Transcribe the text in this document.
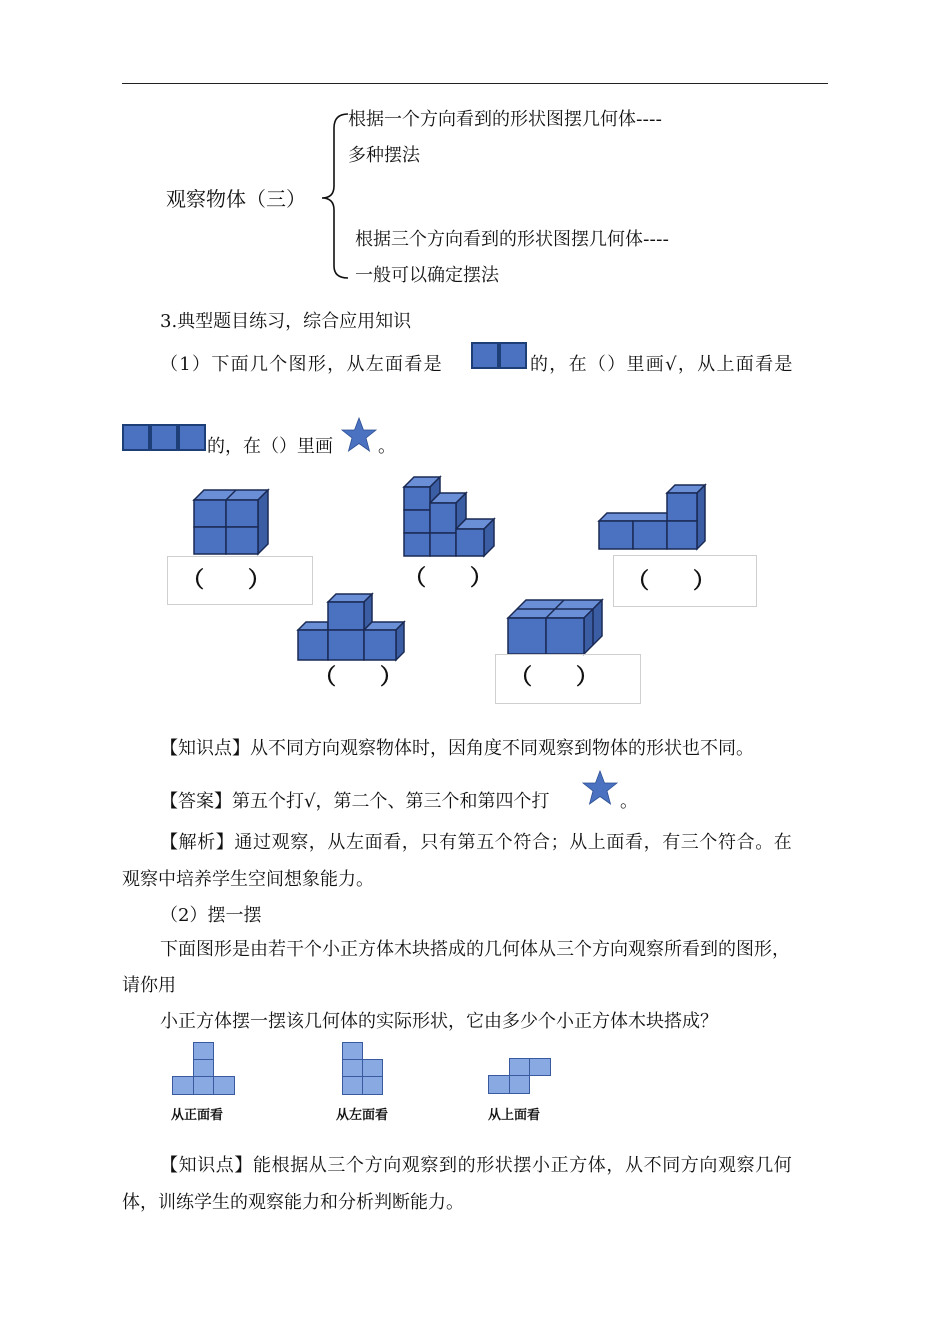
观察物体（三）
根据一个方向看到的形状图摆几何体----
多种摆法
根据三个方向看到的形状图摆几何体----
一般可以确定摆法
3.典型题目练习，综合应用知识
（1）下面几个图形，从左面看是	的，在（）里画√，从上面看是
的，在（）里画	。
（　　）	（　　）	（　　）
（　　）	（　　）
【知识点】从不同方向观察物体时，因角度不同观察到物体的形状也不同。
【答案】第五个打√，第二个、第三个和第四个打	。
【解析】通过观察，从左面看，只有第五个符合；从上面看，有三个符合。在
观察中培养学生空间想象能力。
（2）摆一摆
下面图形是由若干个小正方体木块搭成的几何体从三个方向观察所看到的图形，
请你用
小正方体摆一摆该几何体的实际形状，它由多少个小正方体木块搭成？
从正面看	从左面看	从上面看
【知识点】能根据从三个方向观察到的形状摆小正方体，从不同方向观察几何
体，训练学生的观察能力和分析判断能力。
